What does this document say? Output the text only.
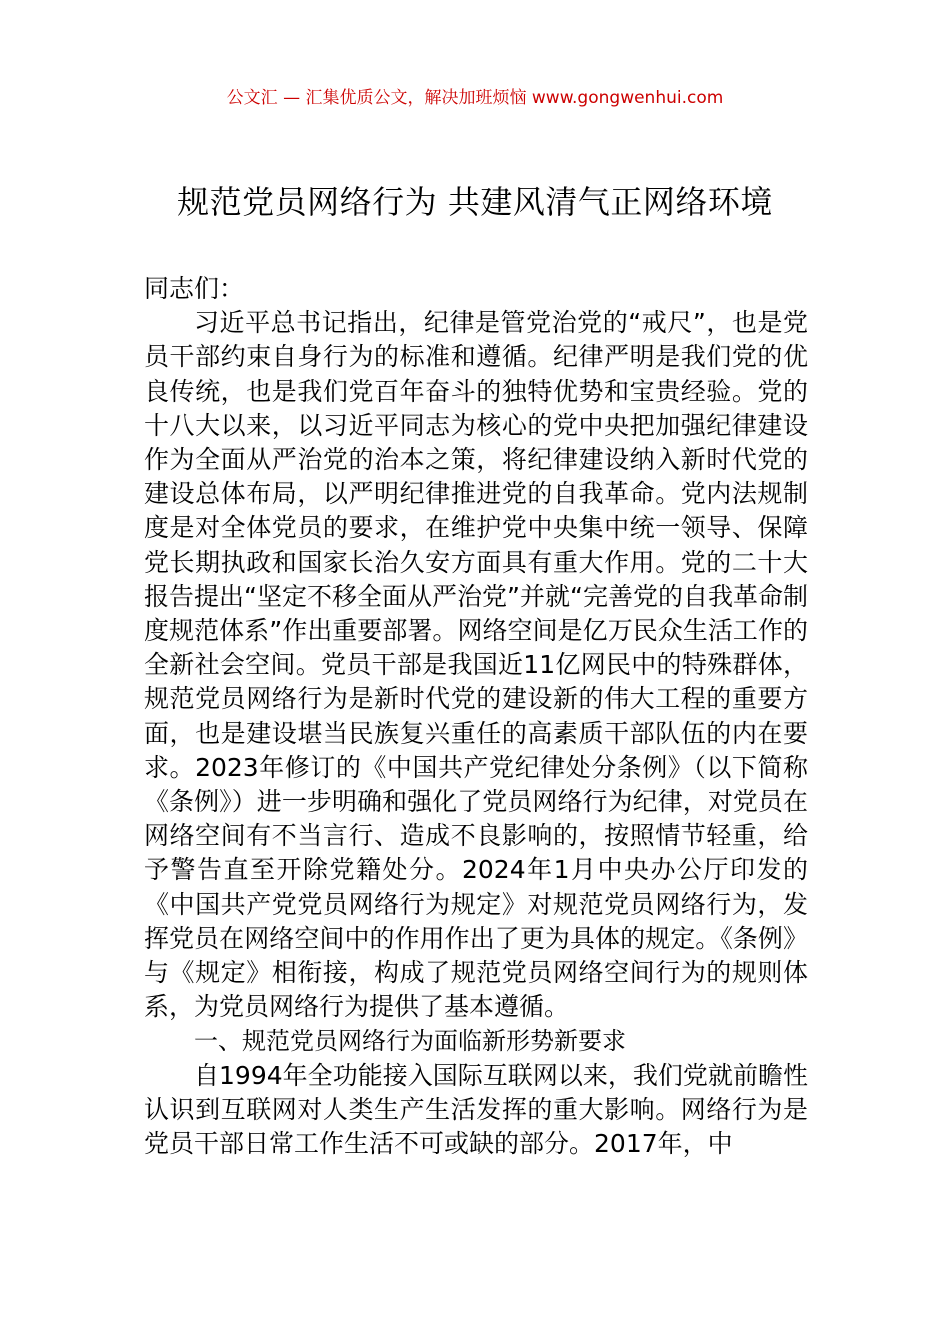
公文汇 — 汇集优质公文，解决加班烦恼 www.gongwenhui.com
规范党员网络行为 共建风清气正网络环境

同志们：

习近平总书记指出，纪律是管党治党的“戒尺”，也是党员干部约束自身行为的标准和遵循。纪律严明是我们党的优良传统，也是我们党百年奋斗的独特优势和宝贵经验。党的十八大以来，以习近平同志为核心的党中央把加强纪律建设作为全面从严治党的治本之策，将纪律建设纳入新时代党的建设总体布局，以严明纪律推进党的自我革命。党内法规制度是对全体党员的要求，在维护党中央集中统一领导、保障党长期执政和国家长治久安方面具有重大作用。党的二十大报告提出“坚定不移全面从严治党”并就“完善党的自我革命制度规范体系”作出重要部署。网络空间是亿万民众生活工作的全新社会空间。党员干部是我国近11亿网民中的特殊群体，规范党员网络行为是新时代党的建设新的伟大工程的重要方面，也是建设堪当民族复兴重任的高素质干部队伍的内在要求。2023年修订的《中国共产党纪律处分条例》（以下简称《条例》）进一步明确和强化了党员网络行为纪律，对党员在网络空间有不当言行、造成不良影响的，按照情节轻重，给予警告直至开除党籍处分。2024年1月中央办公厅印发的《中国共产党党员网络行为规定》对规范党员网络行为，发挥党员在网络空间中的作用作出了更为具体的规定。《条例》与《规定》相衔接，构成了规范党员网络空间行为的规则体系，为党员网络行为提供了基本遵循。

一、规范党员网络行为面临新形势新要求

自1994年全功能接入国际互联网以来，我们党就前瞻性认识到互联网对人类生产生活发挥的重大影响。网络行为是党员干部日常工作生活不可或缺的部分。2017年，中
